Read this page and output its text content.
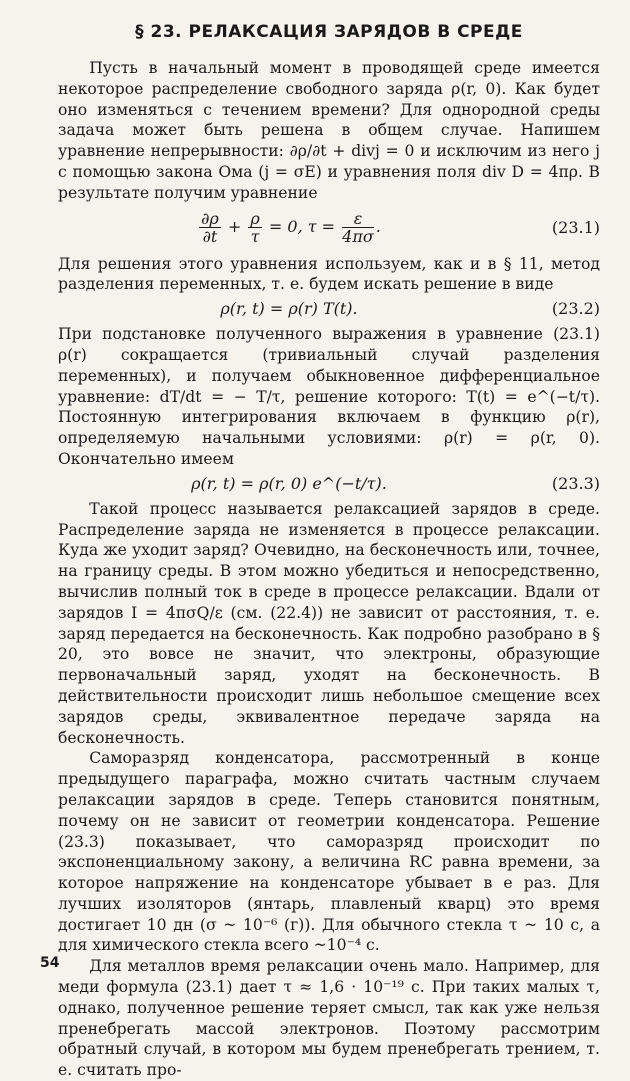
§ 23. РЕЛАКСАЦИЯ ЗАРЯДОВ В СРЕДЕ

Пусть в начальный момент в проводящей среде имеется некоторое распределение свободного заряда ρ(r, 0). Как будет оно изменяться с течением времени? Для однородной среды задача может быть решена в общем случае. Напишем уравнение непрерывности: ∂ρ/∂t + divj = 0 и исключим из него j с помощью закона Ома (j = σE) и уравнения поля div D = 4πρ. В результате получим уравнение

$\frac{\partial\rho}{\partial t} + \frac{\rho}{\tau} = 0$, $\tau = \frac{\varepsilon}{4\pi\sigma}$ .	(23.1)

Для решения этого уравнения используем, как и в § 11, метод разделения переменных, т. е. будем искать решение в виде

ρ(r, t) = ρ(r) T(t).	(23.2)

При подстановке полученного выражения в уравнение (23.1) ρ(r) сокращается (тривиальный случай разделения переменных), и получаем обыкновенное дифференциальное уравнение: dT/dt = − T/τ, решение которого: T(t) = e^(−t/τ). Постоянную интегрирования включаем в функцию ρ(r), определяемую начальными условиями: ρ(r) = ρ(r, 0). Окончательно имеем

ρ(r, t) = ρ(r, 0) e^(−t/τ).	(23.3)

Такой процесс называется релаксацией зарядов в среде. Распределение заряда не изменяется в процессе релаксации. Куда же уходит заряд? Очевидно, на бесконечность или, точнее, на границу среды. В этом можно убедиться и непосредственно, вычислив полный ток в среде в процессе релаксации. Вдали от зарядов I = 4πσQ/ε (см. (22.4)) не зависит от расстояния, т. е. заряд передается на бесконечность. Как подробно разобрано в § 20, это вовсе не значит, что электроны, образующие первоначальный заряд, уходят на бесконечность. В действительности происходит лишь небольшое смещение всех зарядов среды, эквивалентное передаче заряда на бесконечность.

Саморазряд конденсатора, рассмотренный в конце предыдущего параграфа, можно считать частным случаем релаксации зарядов в среде. Теперь становится понятным, почему он не зависит от геометрии конденсатора. Решение (23.3) показывает, что саморазряд происходит по экспоненциальному закону, а величина RC равна времени, за которое напряжение на конденсаторе убывает в e раз. Для лучших изоляторов (янтарь, плавленый кварц) это время достигает 10 дн (σ ~ 10⁻⁶ (г)). Для обычного стекла τ ~ 10 с, а для химического стекла всего ~10⁻⁴ с.

Для металлов время релаксации очень мало. Например, для меди формула (23.1) дает τ ≈ 1,6 · 10⁻¹⁹ с. При таких малых τ, однако, полученное решение теряет смысл, так как уже нельзя пренебрегать массой электронов. Поэтому рассмотрим обратный случай, в котором мы будем пренебрегать трением, т. е. считать про-

54
